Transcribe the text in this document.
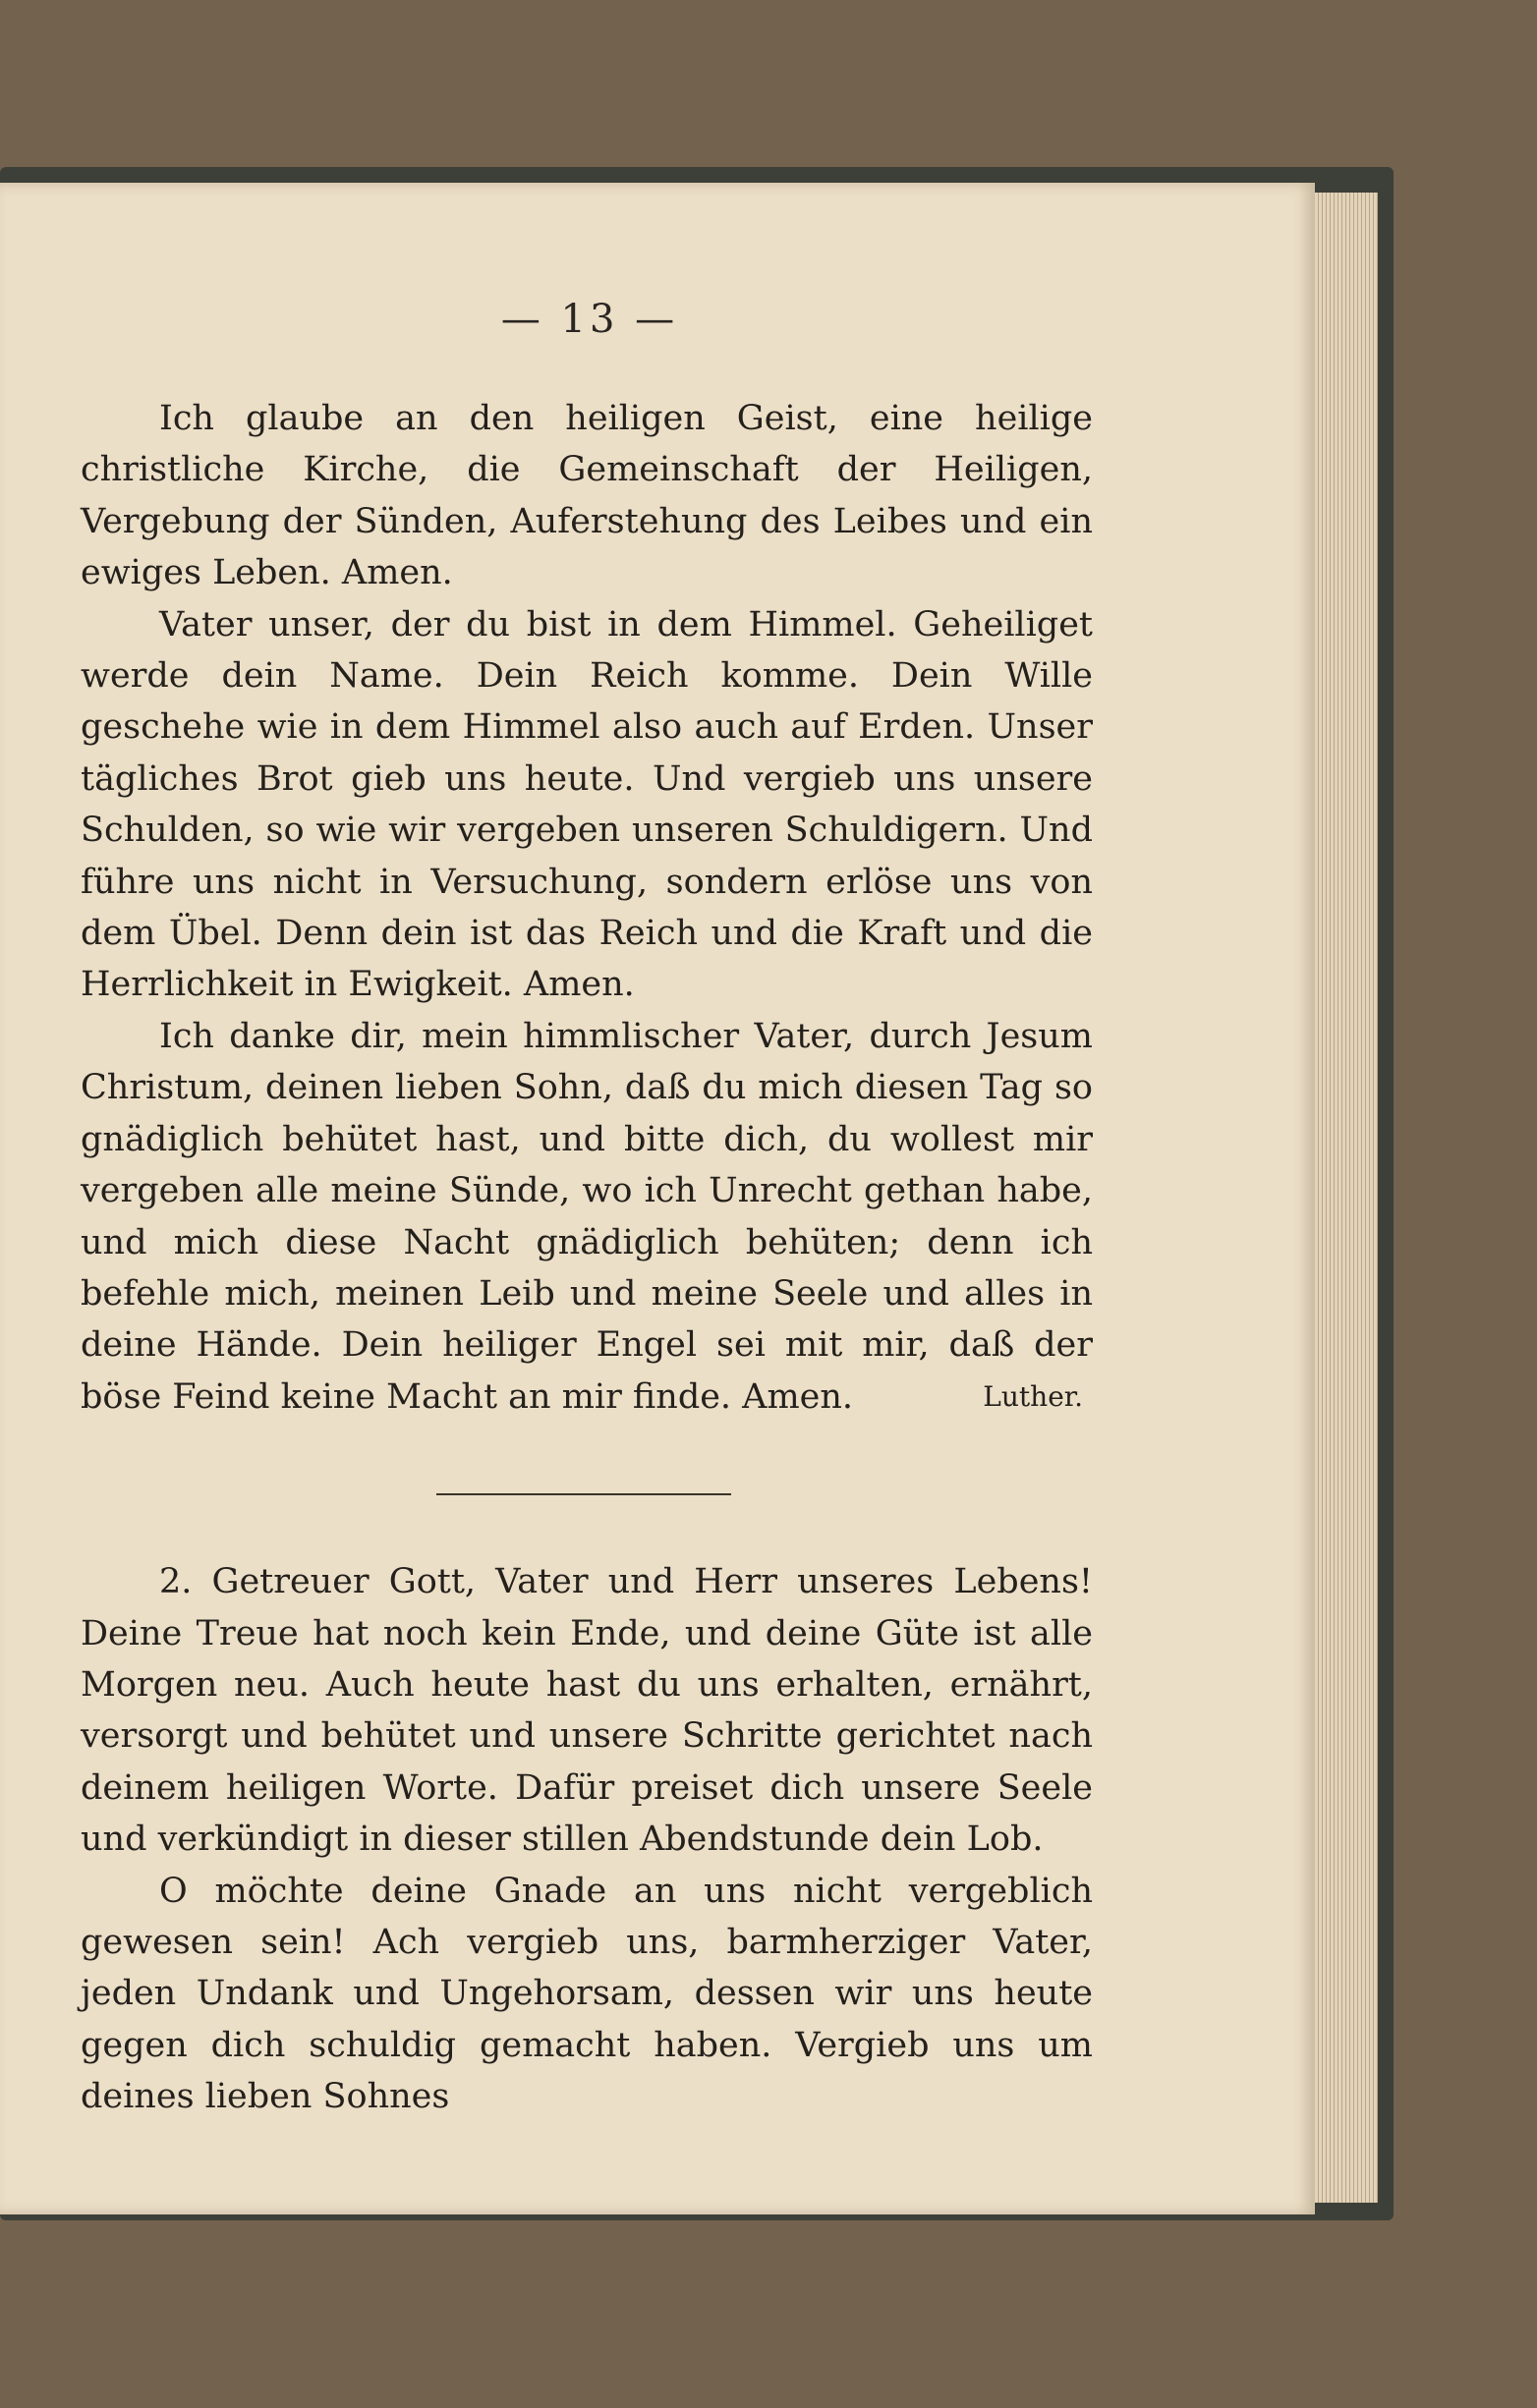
— 13 —

Ich glaube an den heiligen Geist, eine heilige christliche Kirche, die Gemeinschaft der Heiligen, Vergebung der Sünden, Auferstehung des Leibes und ein ewiges Leben. Amen.

Vater unser, der du bist in dem Himmel. Geheiliget werde dein Name. Dein Reich komme. Dein Wille geschehe wie in dem Himmel also auch auf Erden. Unser tägliches Brot gieb uns heute. Und vergieb uns unsere Schulden, so wie wir vergeben unseren Schuldigern. Und führe uns nicht in Versuchung, sondern erlöse uns von dem Übel. Denn dein ist das Reich und die Kraft und die Herrlichkeit in Ewigkeit. Amen.

Ich danke dir, mein himmlischer Vater, durch Jesum Christum, deinen lieben Sohn, daß du mich diesen Tag so gnädiglich behütet hast, und bitte dich, du wollest mir vergeben alle meine Sünde, wo ich Unrecht gethan habe, und mich diese Nacht gnädiglich behüten; denn ich befehle mich, meinen Leib und meine Seele und alles in deine Hände. Dein heiliger Engel sei mit mir, daß der böse Feind keine Macht an mir finde. Amen.	Luther.

2. Getreuer Gott, Vater und Herr unseres Lebens! Deine Treue hat noch kein Ende, und deine Güte ist alle Morgen neu. Auch heute hast du uns erhalten, ernährt, versorgt und behütet und unsere Schritte gerichtet nach deinem heiligen Worte. Dafür preiset dich unsere Seele und verkündigt in dieser stillen Abendstunde dein Lob.

O möchte deine Gnade an uns nicht vergeblich gewesen sein! Ach vergieb uns, barmherziger Vater, jeden Undank und Ungehorsam, dessen wir uns heute gegen dich schuldig gemacht haben. Vergieb uns um deines lieben Sohnes
